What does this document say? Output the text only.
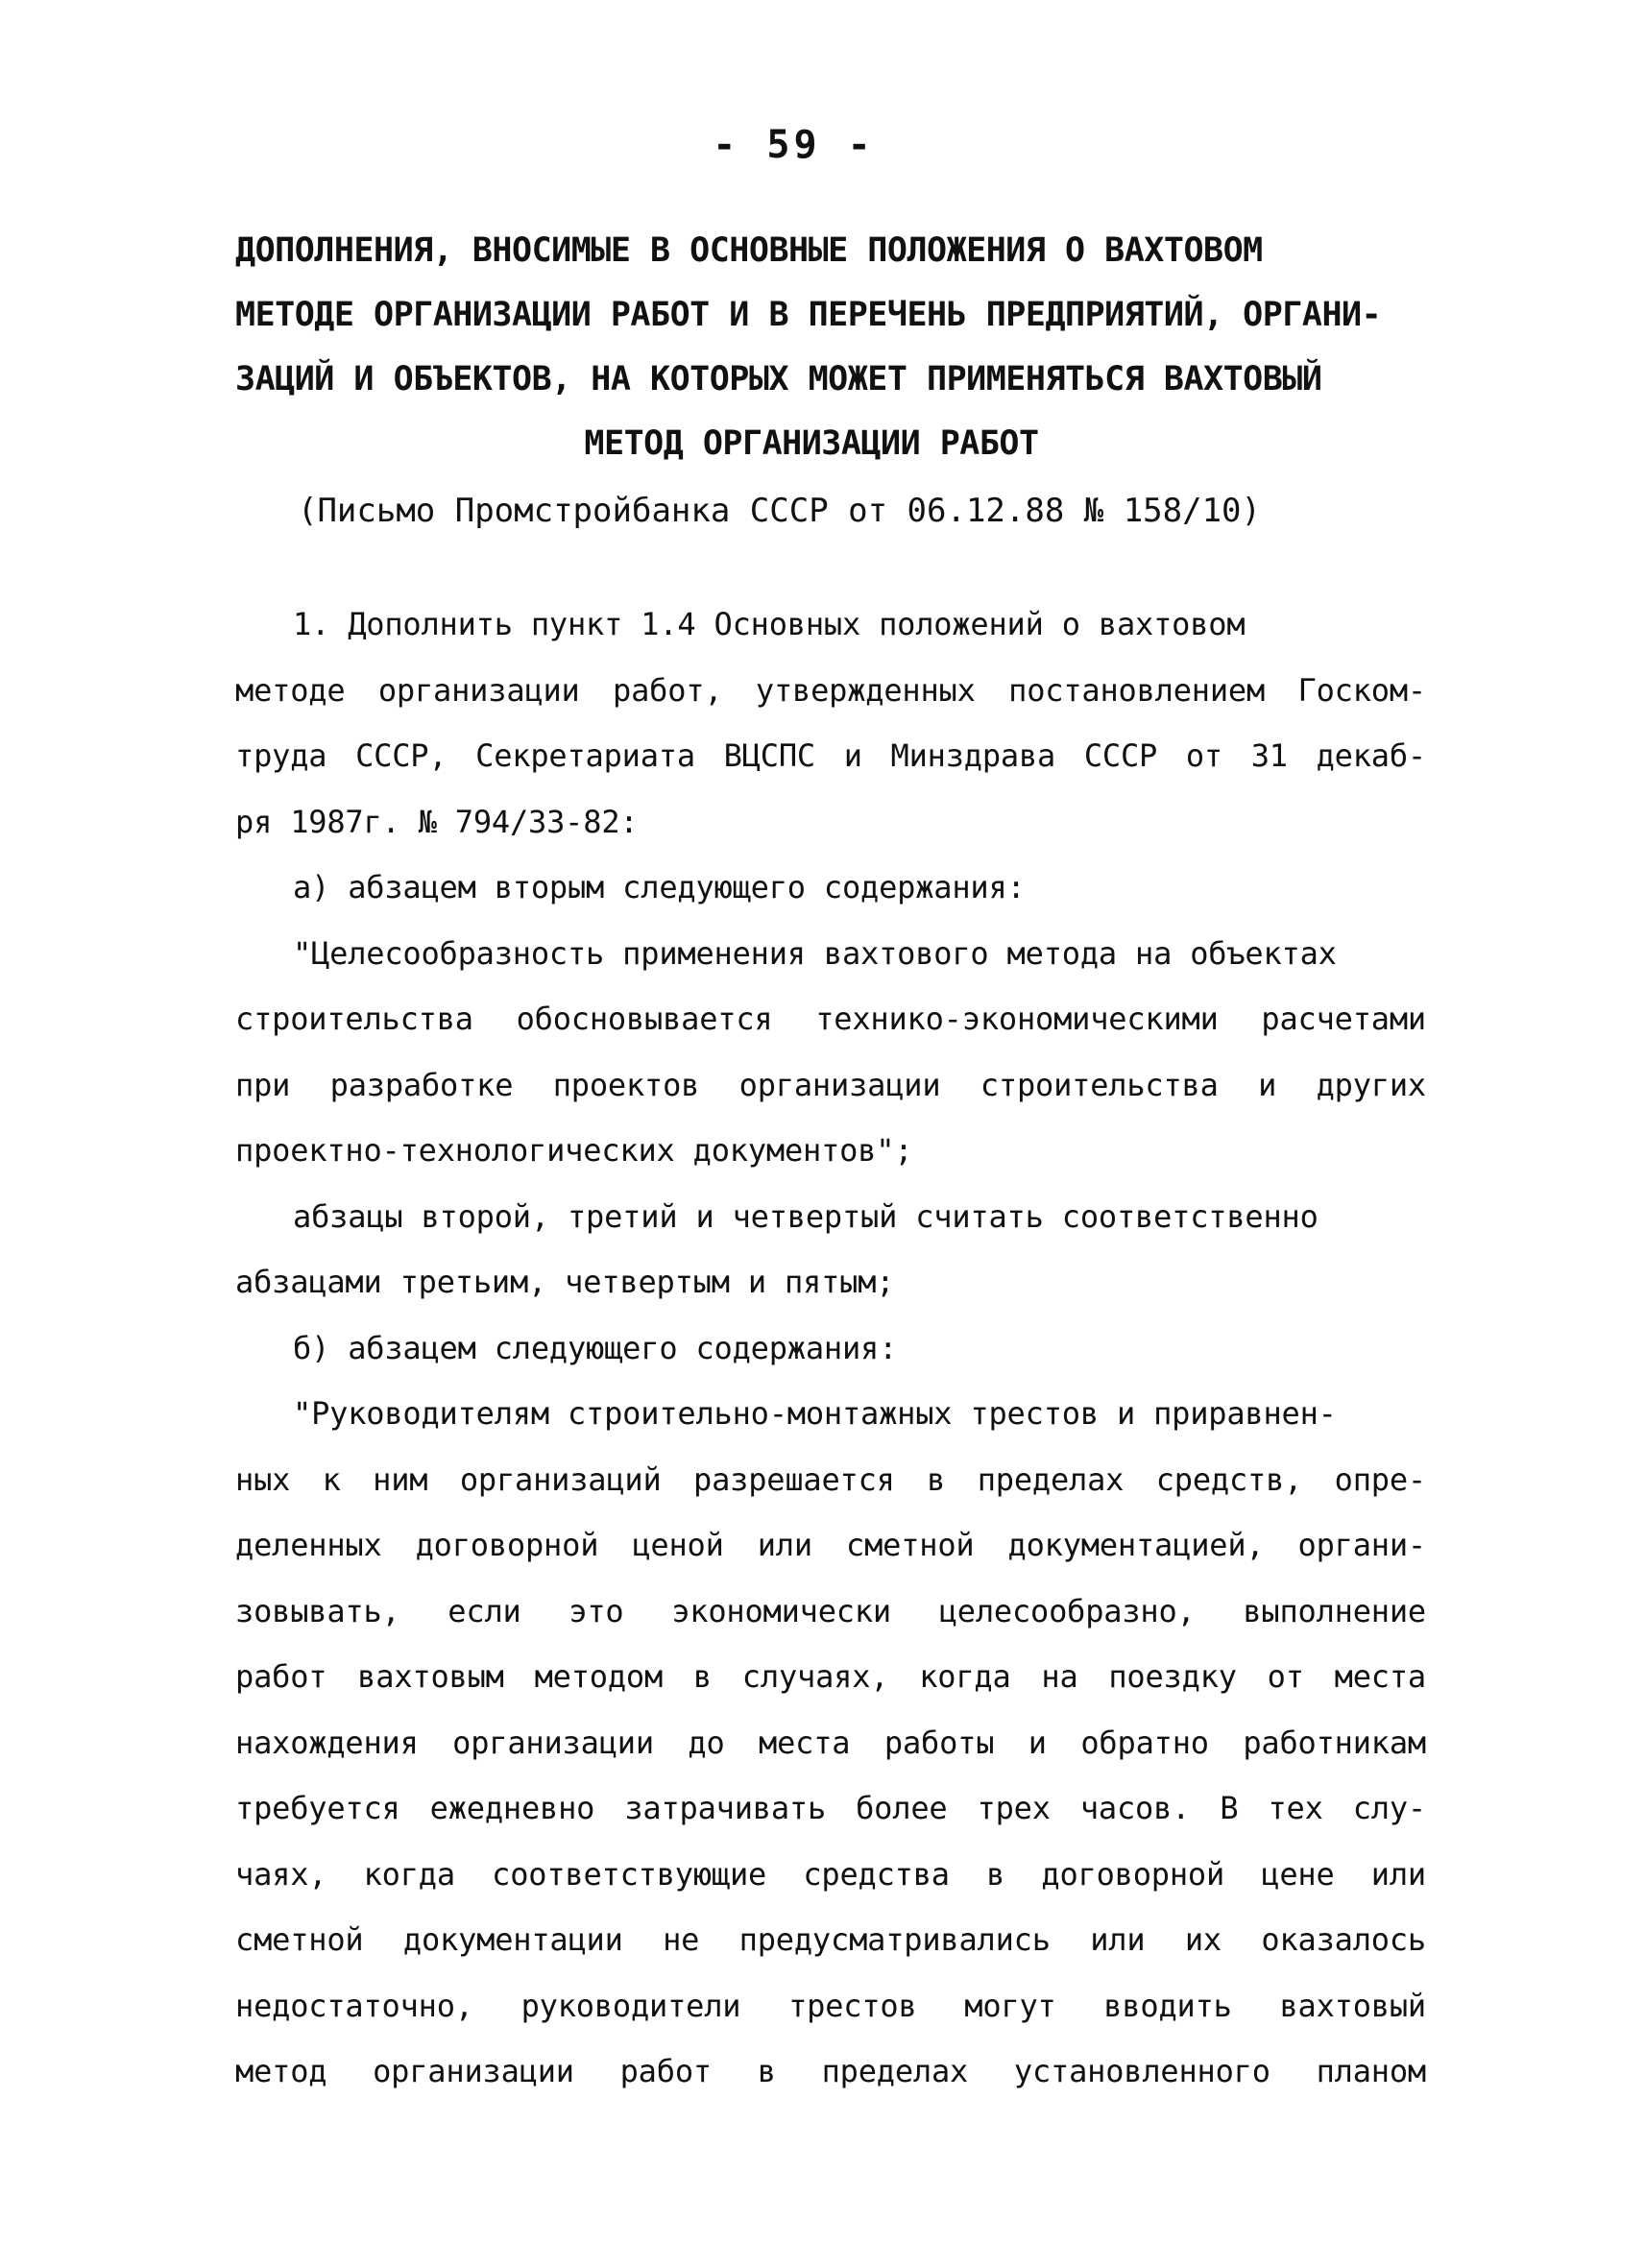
- 59 -
ДОПОЛНЕНИЯ, ВНОСИМЫЕ В ОСНОВНЫЕ ПОЛОЖЕНИЯ О ВАХТОВОМ
МЕТОДЕ ОРГАНИЗАЦИИ РАБОТ И В ПЕРЕЧЕНЬ ПРЕДПРИЯТИЙ, ОРГАНИ-
ЗАЦИЙ И ОБЪЕКТОВ, НА КОТОРЫХ МОЖЕТ ПРИМЕНЯТЬСЯ ВАХТОВЫЙ
МЕТОД ОРГАНИЗАЦИИ РАБОТ
(Письмо Промстройбанка СССР от 06.12.88 № 158/10)
1. Дополнить пункт 1.4 Основных положений о вахтовом
методе организации работ, утвержденных постановлением Госком-
труда СССР, Секретариата ВЦСПС и Минздрава СССР от 31 декаб-
ря 1987г. № 794/33-82:
а) абзацем вторым следующего содержания:
"Целесообразность применения вахтового метода на объектах
строительства обосновывается технико-экономическими расчетами
при разработке проектов организации строительства и других
проектно-технологических документов";
абзацы второй, третий и четвертый считать соответственно
абзацами третьим, четвертым и пятым;
б) абзацем следующего содержания:
"Руководителям строительно-монтажных трестов и приравнен-
ных к ним организаций разрешается в пределах средств, опре-
деленных договорной ценой или сметной документацией, органи-
зовывать, если это экономически целесообразно, выполнение
работ вахтовым методом в случаях, когда на поездку от места
нахождения организации до места работы и обратно работникам
требуется ежедневно затрачивать более трех часов. В тех слу-
чаях, когда соответствующие средства в договорной цене или
сметной документации не предусматривались или их оказалось
недостаточно, руководители трестов могут вводить вахтовый
метод организации работ в пределах установленного планом
